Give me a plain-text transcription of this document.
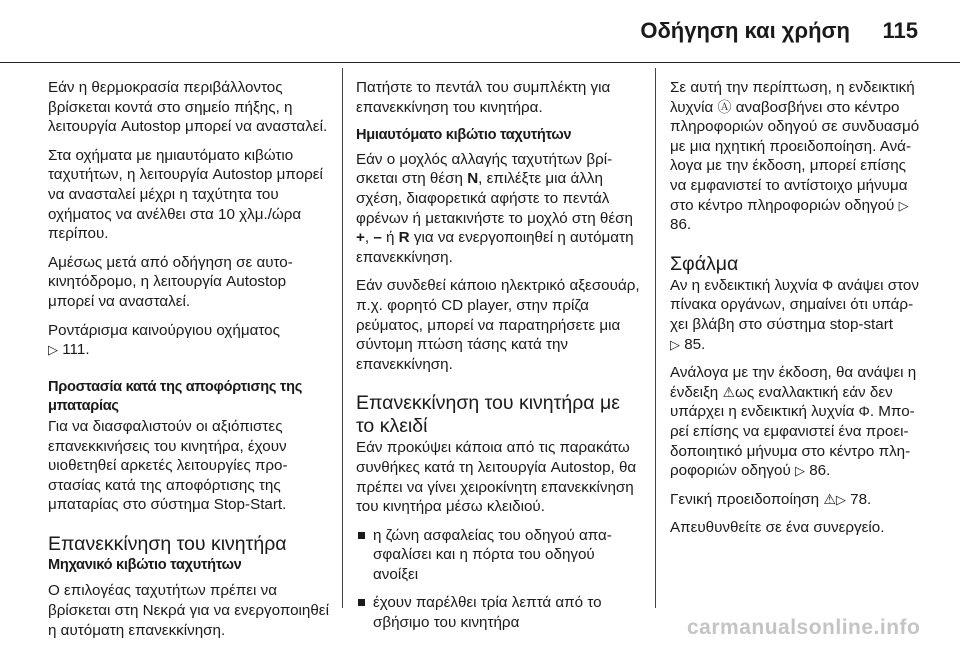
Οδήγηση και χρήση 115

Εάν η θερμοκρασία περιβάλλοντος βρίσκεται κοντά στο σημείο πήξης, η λειτουργία Autostop μπορεί να ανασταλεί.

Στα οχήματα με ημιαυτόματο κιβώτιο ταχυτήτων, η λειτουργία Autostop μπορεί να ανασταλεί μέχρι η ταχύτητα του οχήματος να ανέλθει στα 10 χλμ./ώρα περίπου.

Αμέσως μετά από οδήγηση σε αυτοκινητόδρομο, η λειτουργία Autostop μπορεί να ανασταλεί.

Ροντάρισμα καινούργιου οχήματος
▷ 111.

Προστασία κατά της αποφόρτισης της μπαταρίας

Για να διασφαλιστούν οι αξιόπιστες επανεκκινήσεις του κινητήρα, έχουν υιοθετηθεί αρκετές λειτουργίες προστασίας κατά της αποφόρτισης της μπαταρίας στο σύστημα Stop-Start.

Επανεκκίνηση του κινητήρα

Μηχανικό κιβώτιο ταχυτήτων

Ο επιλογέας ταχυτήτων πρέπει να βρίσκεται στη Νεκρά για να ενεργοποιηθεί η αυτόματη επανεκκίνηση.

Πατήστε το πεντάλ του συμπλέκτη για επανεκκίνηση του κινητήρα.

Ημιαυτόματο κιβώτιο ταχυτήτων

Εάν ο μοχλός αλλαγής ταχυτήτων βρίσκεται στη θέση N, επιλέξτε μια άλλη σχέση, διαφορετικά αφήστε το πεντάλ φρένων ή μετακινήστε το μοχλό στη θέση +, – ή R για να ενεργοποιηθεί η αυτόματη επανεκκίνηση.

Εάν συνδεθεί κάποιο ηλεκτρικό αξεσουάρ, π.χ. φορητό CD player, στην πρίζα ρεύματος, μπορεί να παρατηρήσετε μια σύντομη πτώση τάσης κατά την επανεκκίνηση.

Επανεκκίνηση του κινητήρα με το κλειδί

Εάν προκύψει κάποια από τις παρακάτω συνθήκες κατά τη λειτουργία Autostop, θα πρέπει να γίνει χειροκίνητη επανεκκίνηση του κινητήρα μέσω κλειδιού.

η ζώνη ασφαλείας του οδηγού απασφαλίσει και η πόρτα του οδηγού ανοίξει
έχουν παρέλθει τρία λεπτά από το σβήσιμο του κινητήρα

Σε αυτή την περίπτωση, η ενδεικτική λυχνία Ⓐ αναβοσβήνει στο κέντρο πληροφοριών οδηγού σε συνδυασμό με μια ηχητική προειδοποίηση. Ανάλογα με την έκδοση, μπορεί επίσης να εμφανιστεί το αντίστοιχο μήνυμα στο κέντρο πληροφοριών οδηγού ▷ 86.

Σφάλμα

Αν η ενδεικτική λυχνία Φ ανάψει στον πίνακα οργάνων, σημαίνει ότι υπάρχει βλάβη στο σύστημα stop-start
▷ 85.

Ανάλογα με την έκδοση, θα ανάψει η ένδειξη ⚠ως εναλλακτική εάν δεν υπάρχει η ενδεικτική λυχνία Φ. Μπορεί επίσης να εμφανιστεί ένα προειδοποιητικό μήνυμα στο κέντρο πληροφοριών οδηγού ▷ 86.

Γενική προειδοποίηση ⚠▷ 78.

Απευθυνθείτε σε ένα συνεργείο.

carmanualsonline.info
